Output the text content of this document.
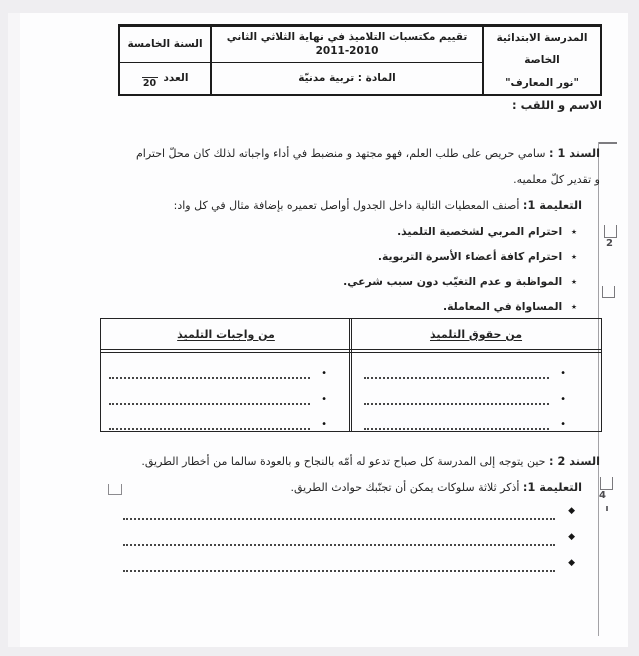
المدرسة الابتدائية الخاصة
"نور المعارف"
تقييم مكتسبات التلاميذ في نهاية الثلاثي الثاني
2011-2010
السنة الخامسة
المادة : تربية مدنيّة
العدد
20
الاسم و اللقب :
2
4
السند 1 : سامي حريص على طلب العلم، فهو مجتهد و منضبط في أداء واجباته لذلك كان محلّ احترام
و تقدير كلّ معلميه.
التعليمة 1: أصنف المعطيات التالية داخل الجدول أواصل تعميره بإضافة مثال في كل واد:
٭ احترام المربي لشخصية التلميذ.
٭ احترام كافة أعضاء الأسرة التربوية.
٭ المواظبة و عدم التغيّب دون سبب شرعي.
٭ المساواة في المعاملة.
من حقوق التلميذ
من واجبات التلميذ
•
•
•
•
•
•
السند 2 : حين يتوجه إلى المدرسة كل صباح تدعو له أمّه بالنجاح و بالعودة سالما من أخطار الطريق.
التعليمة 1: أذكر ثلاثة سلوكات يمكن أن تجنّبك حوادث الطريق.
◆
◆
◆
